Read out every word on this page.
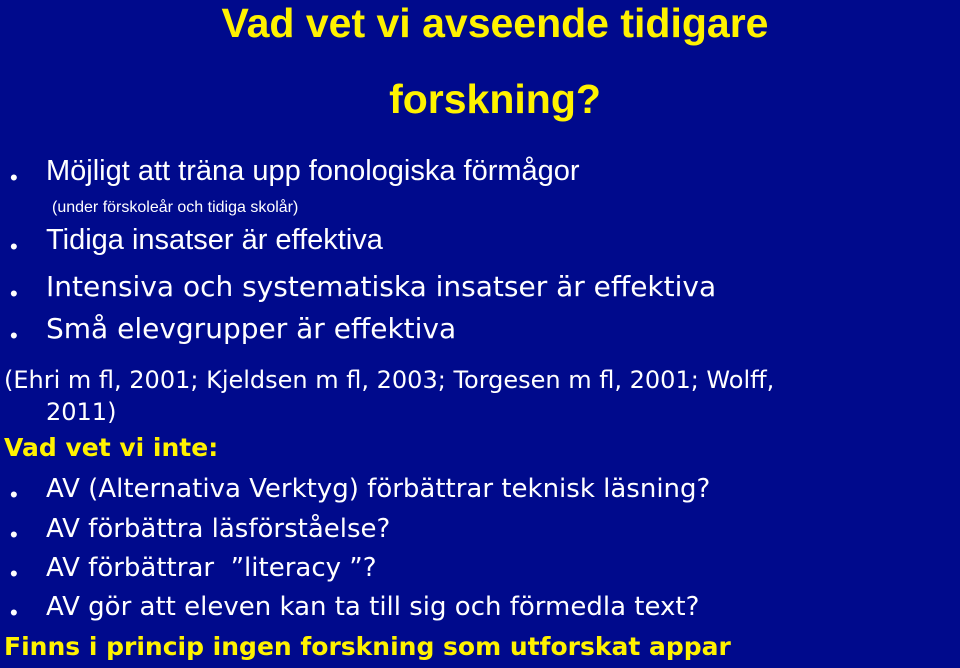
Vad vet vi avseende tidigare
forskning?
• Möjligt att träna upp fonologiska förmågor
(under förskoleår och tidiga skolår)
• Tidiga insatser är effektiva
• Intensiva och systematiska insatser är effektiva
• Små elevgrupper är effektiva
(Ehri m fl, 2001; Kjeldsen m fl, 2003; Torgesen m fl, 2001; Wolff,
2011)
Vad vet vi inte:
• AV (Alternativa Verktyg) förbättrar teknisk läsning?
• AV förbättra läsförståelse?
• AV förbättrar  ”literacy ”?
• AV gör att eleven kan ta till sig och förmedla text?
Finns i princip ingen forskning som utforskat appar
